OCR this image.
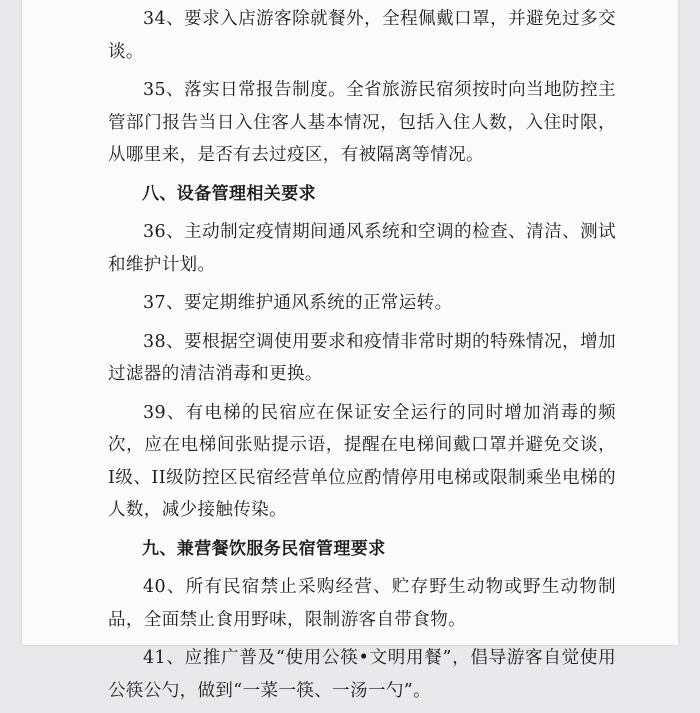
34、要求入店游客除就餐外，全程佩戴口罩，并避免过多交谈。

35、落实日常报告制度。全省旅游民宿须按时向当地防控主管部门报告当日入住客人基本情况，包括入住人数，入住时限，从哪里来，是否有去过疫区，有被隔离等情况。

八、设备管理相关要求

36、主动制定疫情期间通风系统和空调的检查、清洁、测试和维护计划。

37、要定期维护通风系统的正常运转。

38、要根据空调使用要求和疫情非常时期的特殊情况，增加过滤器的清洁消毒和更换。

39、有电梯的民宿应在保证安全运行的同时增加消毒的频次，应在电梯间张贴提示语，提醒在电梯间戴口罩并避免交谈，I级、II级防控区民宿经营单位应酌情停用电梯或限制乘坐电梯的人数，减少接触传染。

九、兼营餐饮服务民宿管理要求

40、所有民宿禁止采购经营、贮存野生动物或野生动物制品，全面禁止食用野味，限制游客自带食物。

41、应推广普及“使用公筷•文明用餐”，倡导游客自觉使用公筷公勺，做到“一菜一筷、一汤一勺”。
